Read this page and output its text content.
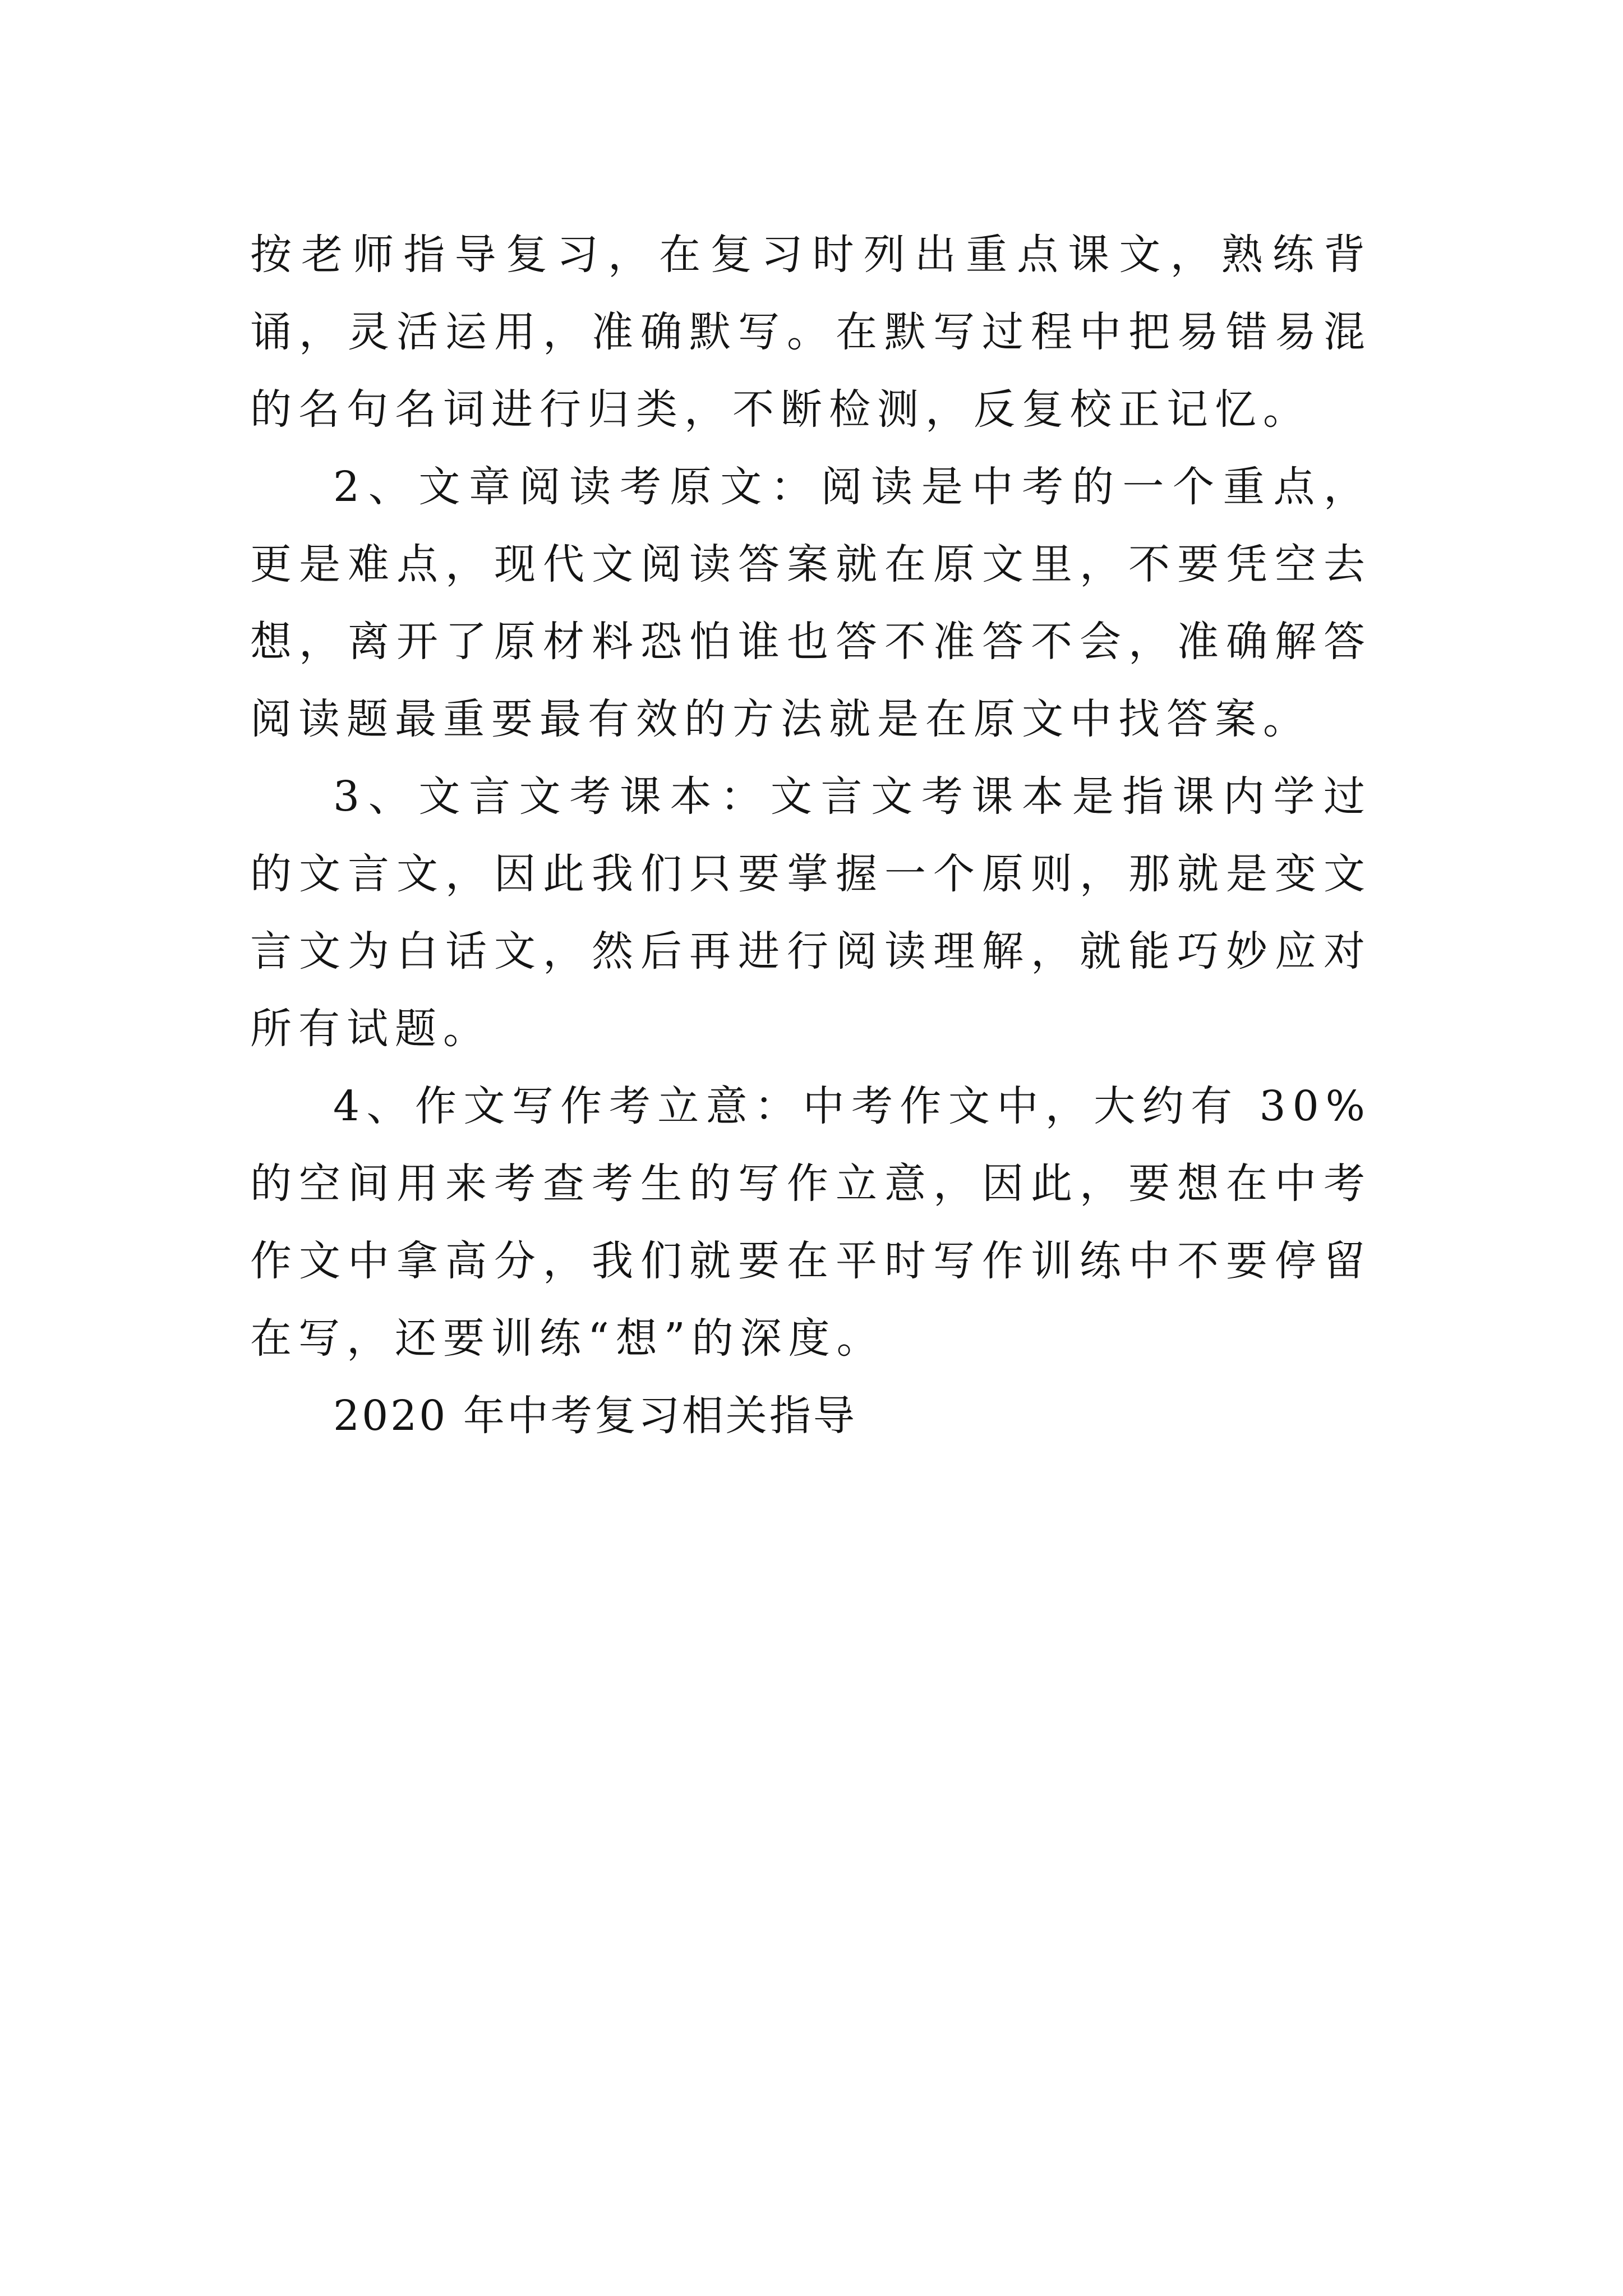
按老师指导复习，在复习时列出重点课文，熟练背诵，灵活运用，准确默写。在默写过程中把易错易混的名句名词进行归类，不断检测，反复校正记忆。

2、文章阅读考原文：阅读是中考的一个重点，更是难点，现代文阅读答案就在原文里，不要凭空去想，离开了原材料恐怕谁也答不准答不会，准确解答阅读题最重要最有效的方法就是在原文中找答案。

3、文言文考课本：文言文考课本是指课内学过的文言文，因此我们只要掌握一个原则，那就是变文言文为白话文，然后再进行阅读理解，就能巧妙应对所有试题。

4、作文写作考立意：中考作文中，大约有 30%的空间用来考查考生的写作立意，因此，要想在中考作文中拿高分，我们就要在平时写作训练中不要停留在写，还要训练“想”的深度。

2020 年中考复习相关指导
